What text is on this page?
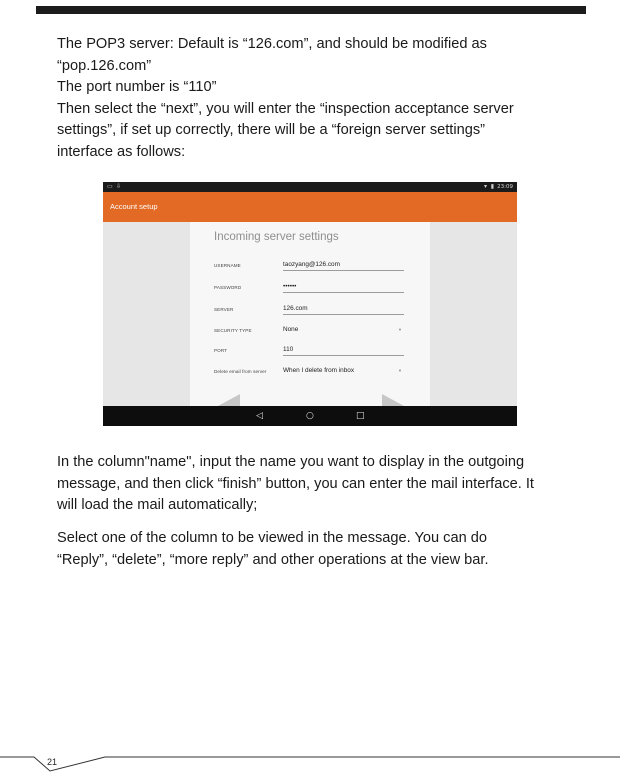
The POP3 server: Default is “126.com”, and should be modified as
“pop.126.com”
The port number is “110”
Then select the “next”, you will enter the “inspection acceptance server
settings”, if set up correctly, there will be a “foreign server settings”
interface as follows:

▭ ⇩	▾ ▮ 23:09
Account setup
Incoming server settings
USERNAME	taozyang@126.com
PASSWORD	••••••
SERVER	126.com
SECURITY TYPE	None	▼
PORT	110
Delete email from server	When I delete from inbox	▼
◁	○	□

In the column"name", input the name you want to display in the outgoing
message, and then click “finish” button, you can enter the mail interface. It
will load the mail automatically;

Select one of the column to be viewed in the message. You can do
“Reply”, “delete”, “more reply” and other operations at the view bar.

21
